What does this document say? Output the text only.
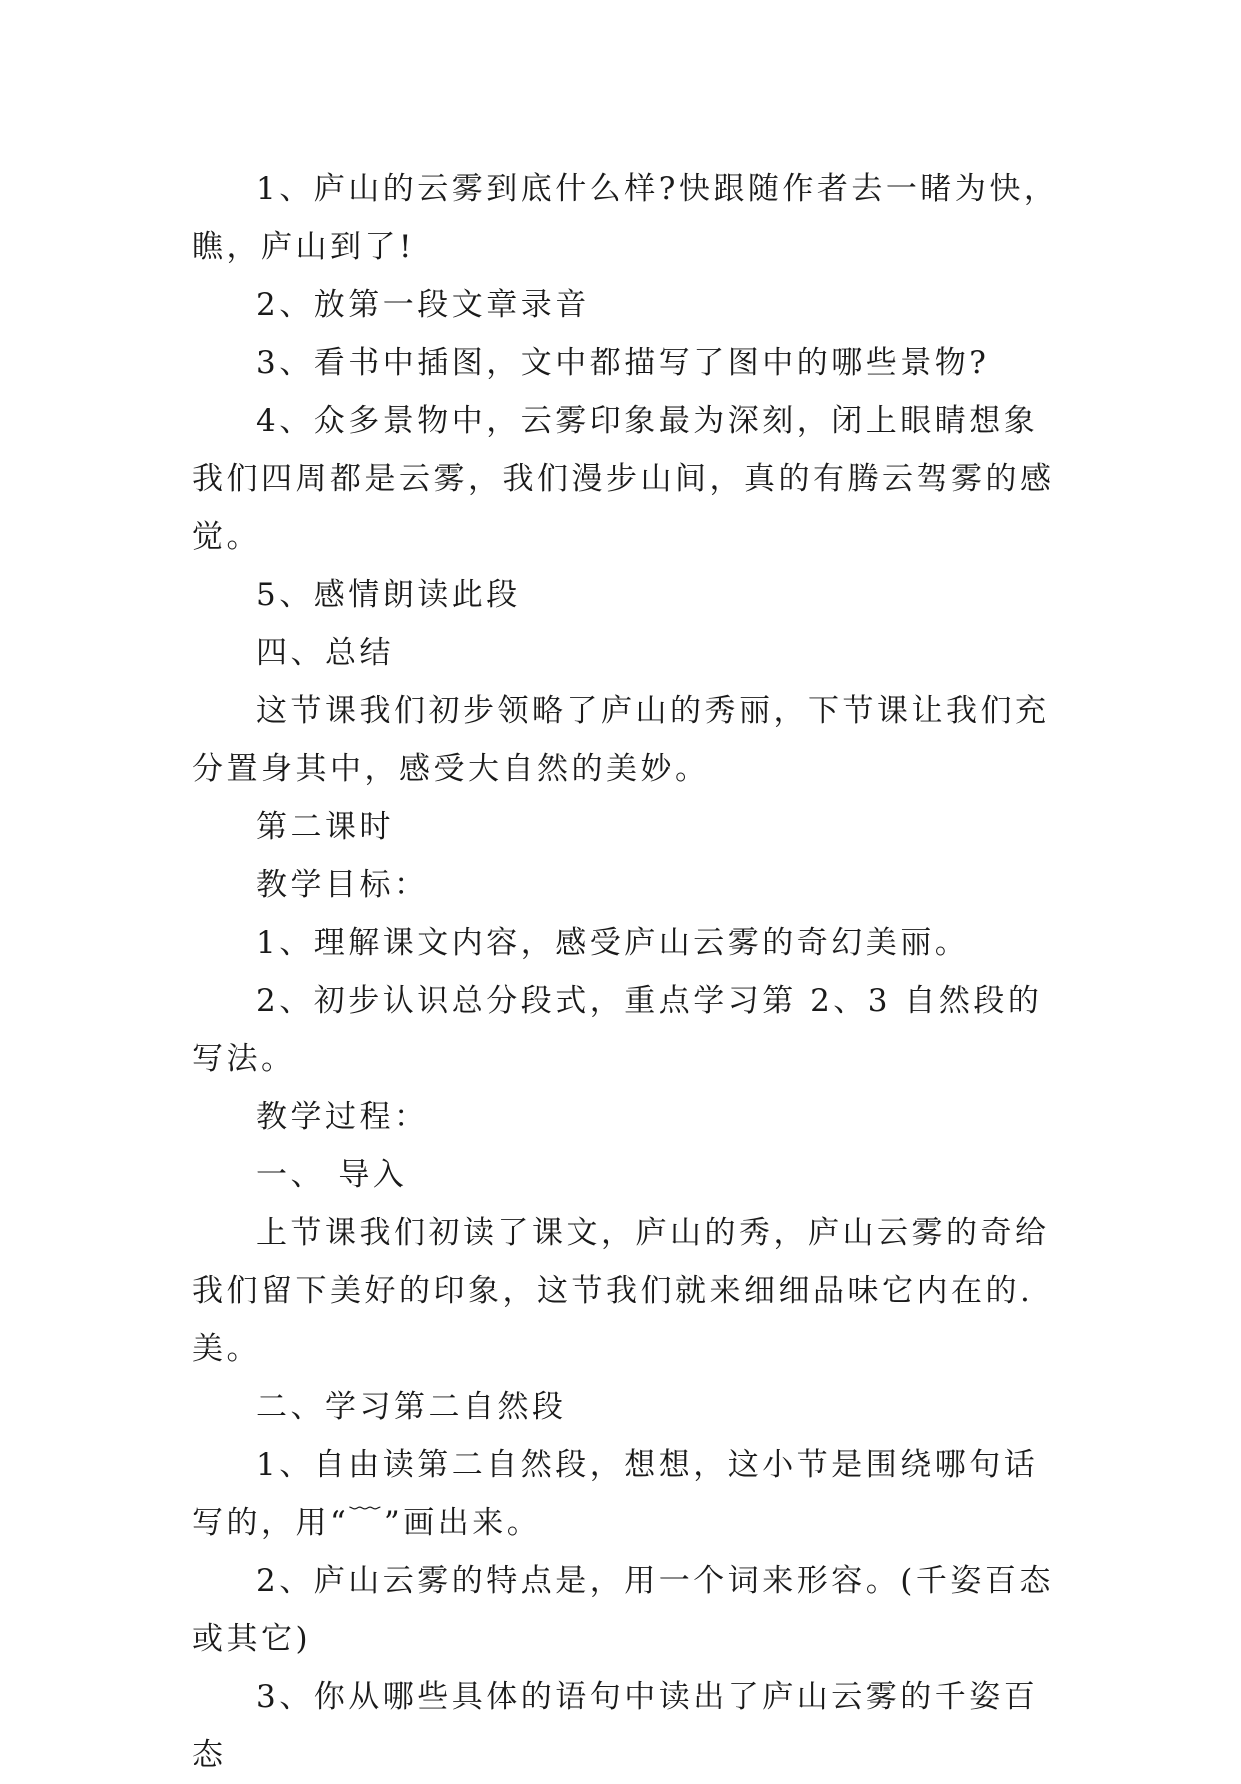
1、庐山的云雾到底什么样?快跟随作者去一睹为快，瞧，庐山到了!

2、放第一段文章录音

3、看书中插图，文中都描写了图中的哪些景物?

4、众多景物中，云雾印象最为深刻，闭上眼睛想象我们四周都是云雾，我们漫步山间，真的有腾云驾雾的感觉。

5、感情朗读此段

四、总结

这节课我们初步领略了庐山的秀丽，下节课让我们充分置身其中，感受大自然的美妙。

第二课时

教学目标：

1、理解课文内容，感受庐山云雾的奇幻美丽。

2、初步认识总分段式，重点学习第 2、3 自然段的写法。

教学过程：

一、 导入

上节课我们初读了课文，庐山的秀，庐山云雾的奇给我们留下美好的印象，这节我们就来细细品味它内在的.美。

二、学习第二自然段

1、自由读第二自然段，想想，这小节是围绕哪句话写的，用“﹋”画出来。

2、庐山云雾的特点是，用一个词来形容。(千姿百态或其它)

3、你从哪些具体的语句中读出了庐山云雾的千姿百态
